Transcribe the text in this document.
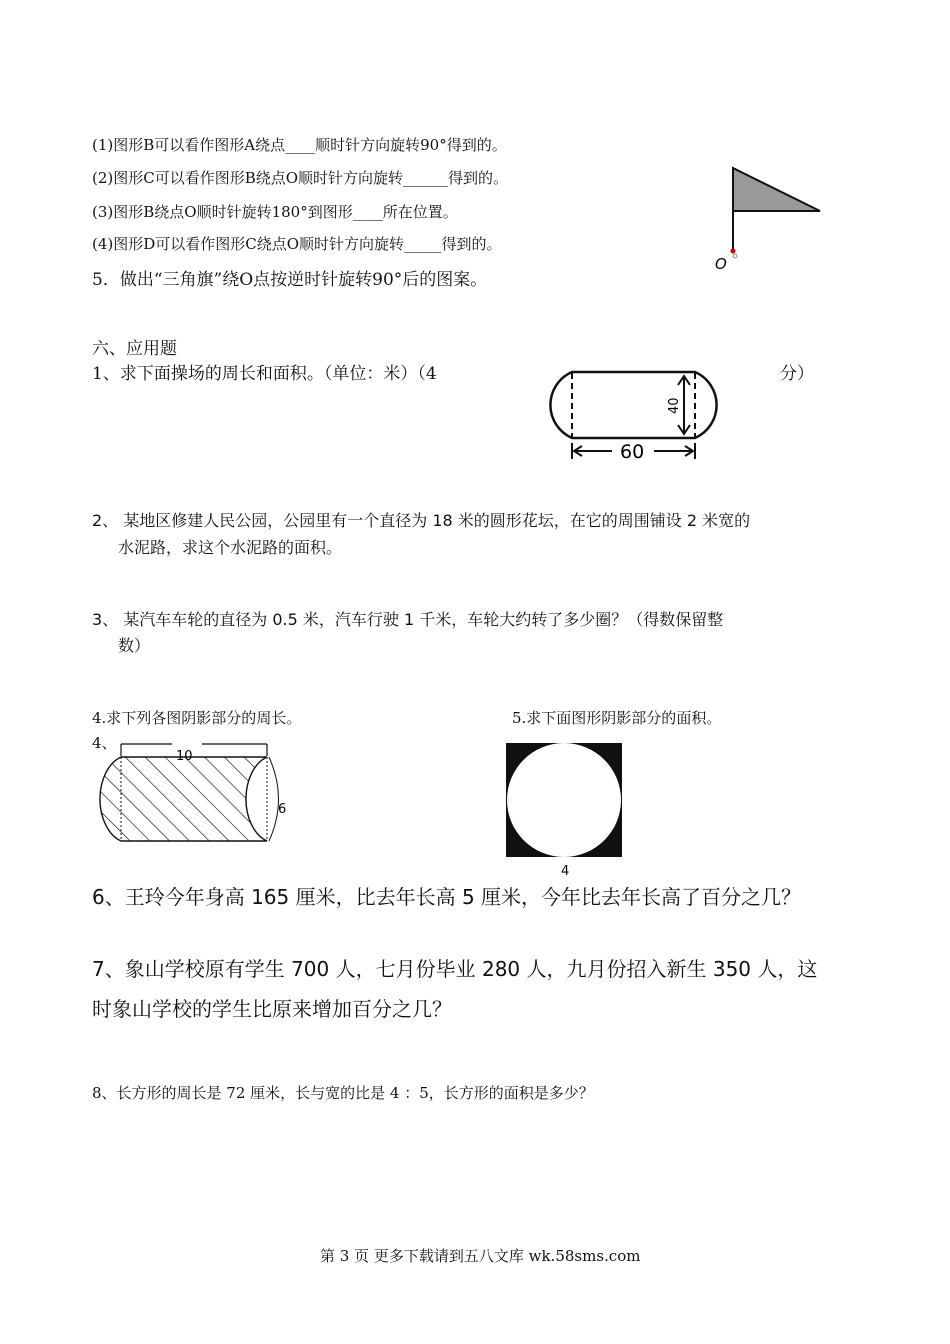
(1)图形B可以看作图形A绕点____顺时针方向旋转90°得到的。
(2)图形C可以看作图形B绕点O顺时针方向旋转______得到的。
(3)图形B绕点O顺时针旋转180°到图形____所在位置。
(4)图形D可以看作图形C绕点O顺时针方向旋转_____得到的。
5．做出“三角旗”绕O点按逆时针旋转90°后的图案。
O
六、应用题
1、求下面操场的周长和面积。（单位：米）（4	分）
40
60
2、 某地区修建人民公园，公园里有一个直径为 18 米的圆形花坛，在它的周围铺设 2 米宽的
水泥路，求这个水泥路的面积。
3、 某汽车车轮的直径为 0.5 米，汽车行驶 1 千米，车轮大约转了多少圈？（得数保留整
数）
4.求下列各图阴影部分的周长。	5.求下面图形阴影部分的面积。
4、
6
4
6、王玲今年身高 165 厘米，比去年长高 5 厘米，今年比去年长高了百分之几？
7、象山学校原有学生 700 人，七月份毕业 280 人，九月份招入新生 350 人，这
时象山学校的学生比原来增加百分之几？
8、长方形的周长是 72 厘米，长与宽的比是 4 ：5，长方形的面积是多少？
第 3 页 更多下载请到五八文库 wk.58sms.com
